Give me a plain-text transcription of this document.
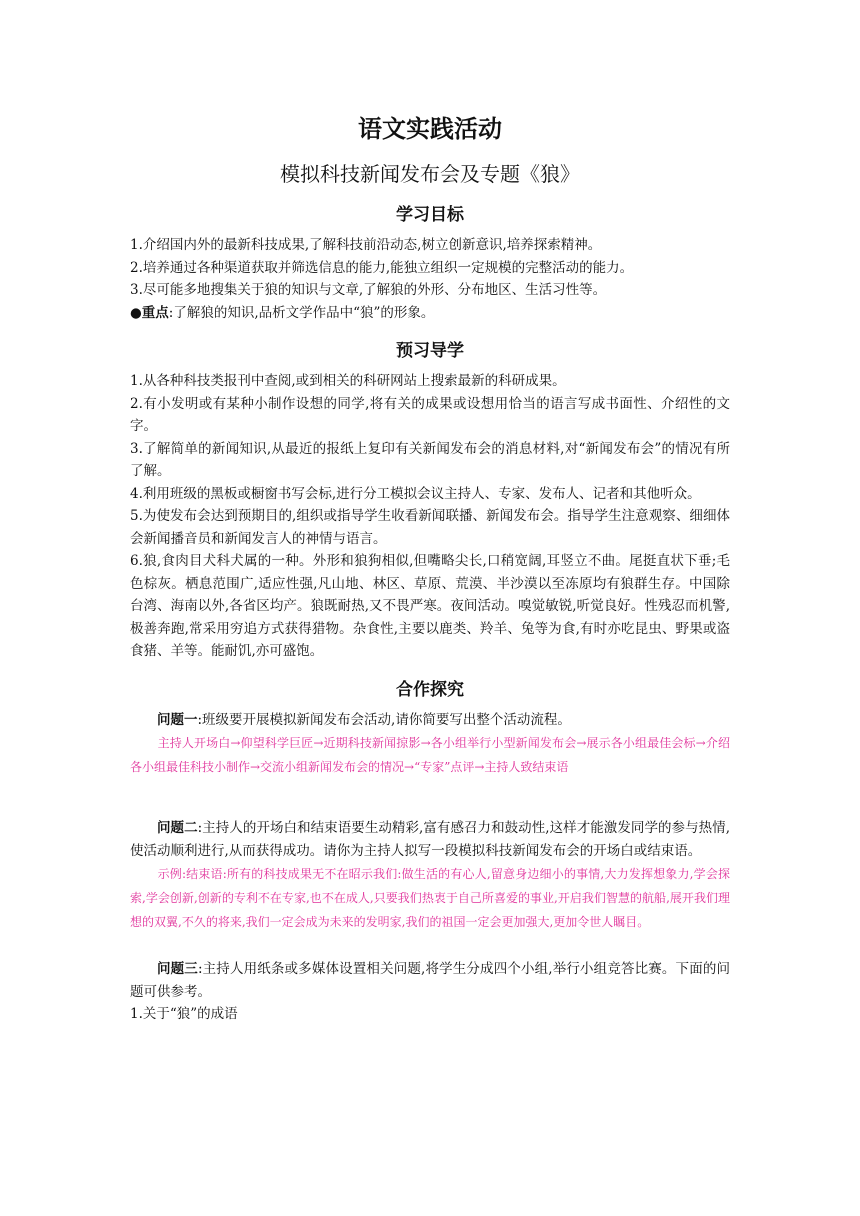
语文实践活动
模拟科技新闻发布会及专题《狼》
学习目标

1.介绍国内外的最新科技成果,了解科技前沿动态,树立创新意识,培养探索精神。

2.培养通过各种渠道获取并筛选信息的能力,能独立组织一定规模的完整活动的能力。

3.尽可能多地搜集关于狼的知识与文章,了解狼的外形、分布地区、生活习性等。

●重点:了解狼的知识,品析文学作品中“狼”的形象。

预习导学

1.从各种科技类报刊中查阅,或到相关的科研网站上搜索最新的科研成果。

2.有小发明或有某种小制作设想的同学,将有关的成果或设想用恰当的语言写成书面性、介绍性的文字。

3.了解简单的新闻知识,从最近的报纸上复印有关新闻发布会的消息材料,对“新闻发布会”的情况有所了解。

4.利用班级的黑板或橱窗书写会标,进行分工模拟会议主持人、专家、发布人、记者和其他听众。

5.为使发布会达到预期目的,组织或指导学生收看新闻联播、新闻发布会。指导学生注意观察、细细体会新闻播音员和新闻发言人的神情与语言。

6.狼,食肉目犬科犬属的一种。外形和狼狗相似,但嘴略尖长,口稍宽阔,耳竖立不曲。尾挺直状下垂;毛色棕灰。栖息范围广,适应性强,凡山地、林区、草原、荒漠、半沙漠以至冻原均有狼群生存。中国除台湾、海南以外,各省区均产。狼既耐热,又不畏严寒。夜间活动。嗅觉敏锐,听觉良好。性残忍而机警,极善奔跑,常采用穷追方式获得猎物。杂食性,主要以鹿类、羚羊、兔等为食,有时亦吃昆虫、野果或盗食猪、羊等。能耐饥,亦可盛饱。

合作探究

问题一:班级要开展模拟新闻发布会活动,请你简要写出整个活动流程。

主持人开场白→仰望科学巨匠→近期科技新闻掠影→各小组举行小型新闻发布会→展示各小组最佳会标→介绍各小组最佳科技小制作→交流小组新闻发布会的情况→“专家”点评→主持人致结束语

问题二:主持人的开场白和结束语要生动精彩,富有感召力和鼓动性,这样才能激发同学的参与热情,使活动顺利进行,从而获得成功。请你为主持人拟写一段模拟科技新闻发布会的开场白或结束语。

示例:结束语:所有的科技成果无不在昭示我们:做生活的有心人,留意身边细小的事情,大力发挥想象力,学会探索,学会创新,创新的专利不在专家,也不在成人,只要我们热衷于自己所喜爱的事业,开启我们智慧的航船,展开我们理想的双翼,不久的将来,我们一定会成为未来的发明家,我们的祖国一定会更加强大,更加令世人瞩目。

问题三:主持人用纸条或多媒体设置相关问题,将学生分成四个小组,举行小组竞答比赛。下面的问题可供参考。

1.关于“狼”的成语
